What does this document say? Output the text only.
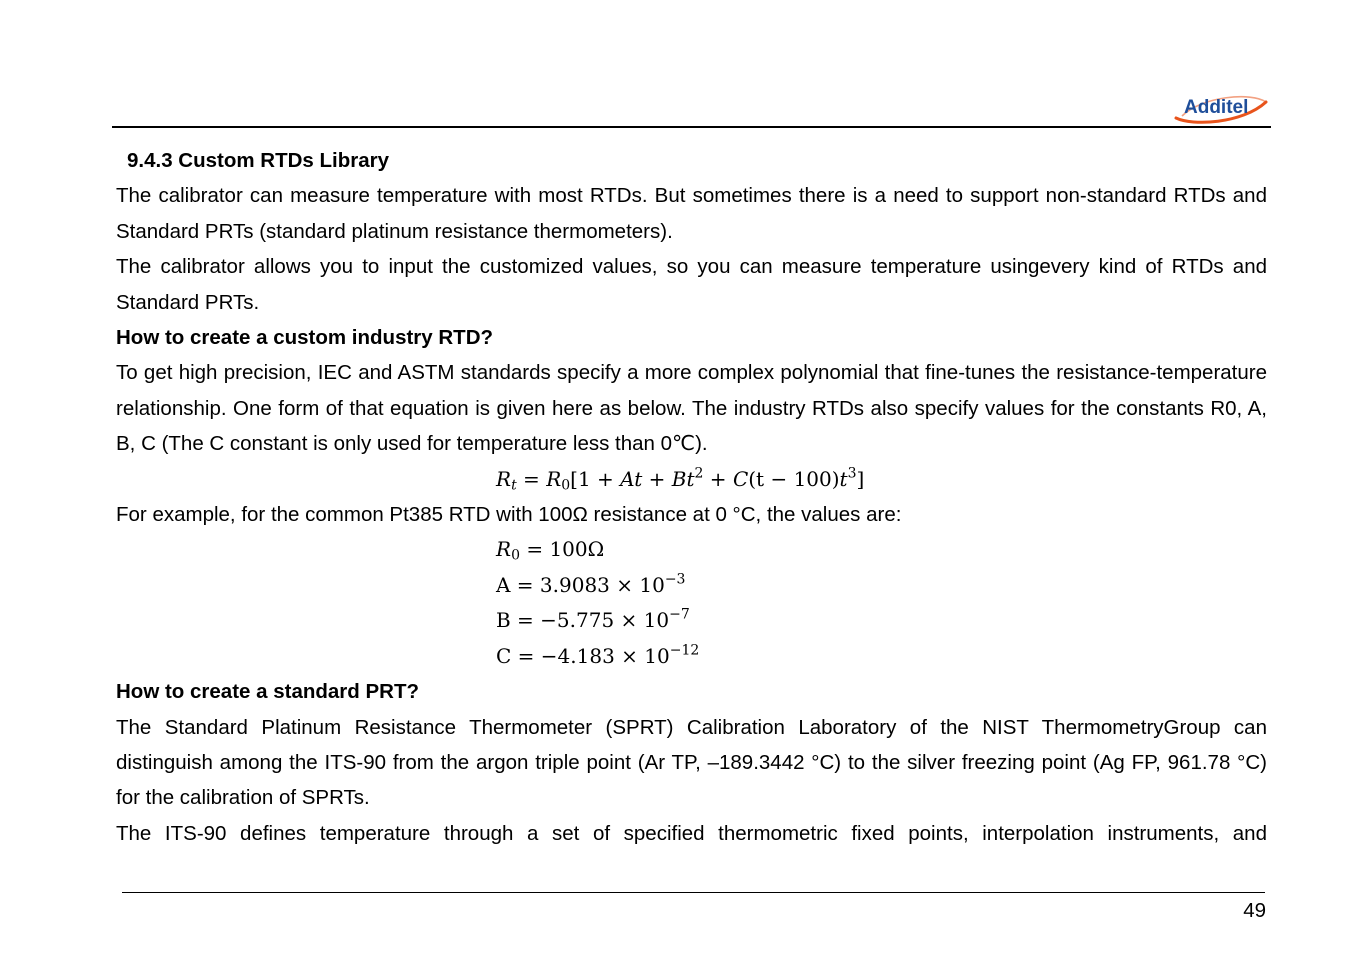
Additel

9.4.3 Custom RTDs Library

The calibrator can measure temperature with most RTDs. But sometimes there is a need to support non-standard RTDs and Standard PRTs (standard platinum resistance thermometers).

The calibrator allows you to input the customized values, so you can measure temperature usingevery kind of RTDs and Standard PRTs.

How to create a custom industry RTD?

To get high precision, IEC and ASTM standards specify a more complex polynomial that fine-tunes the resistance-temperature relationship. One form of that equation is given here as below. The industry RTDs also specify values for the constants R0, A, B, C (The C constant is only used for temperature less than 0℃).

$R_t = R_0[1 + At + Bt^2 + C(t - 100)t^3]$

For example, for the common Pt385 RTD with 100Ω resistance at 0 °C, the values are:

$R_0 = 100\Omega$

$A = 3.9083 \times 10^{-3}$

$B = -5.775 \times 10^{-7}$

$C = -4.183 \times 10^{-12}$

How to create a standard PRT?

The Standard Platinum Resistance Thermometer (SPRT) Calibration Laboratory of the NIST ThermometryGroup can distinguish among the ITS-90 from the argon triple point (Ar TP, –189.3442 °C) to the silver freezing point (Ag FP, 961.78 °C) for the calibration of SPRTs.

The ITS-90 defines temperature through a set of specified thermometric fixed points, interpolation instruments, and

49
